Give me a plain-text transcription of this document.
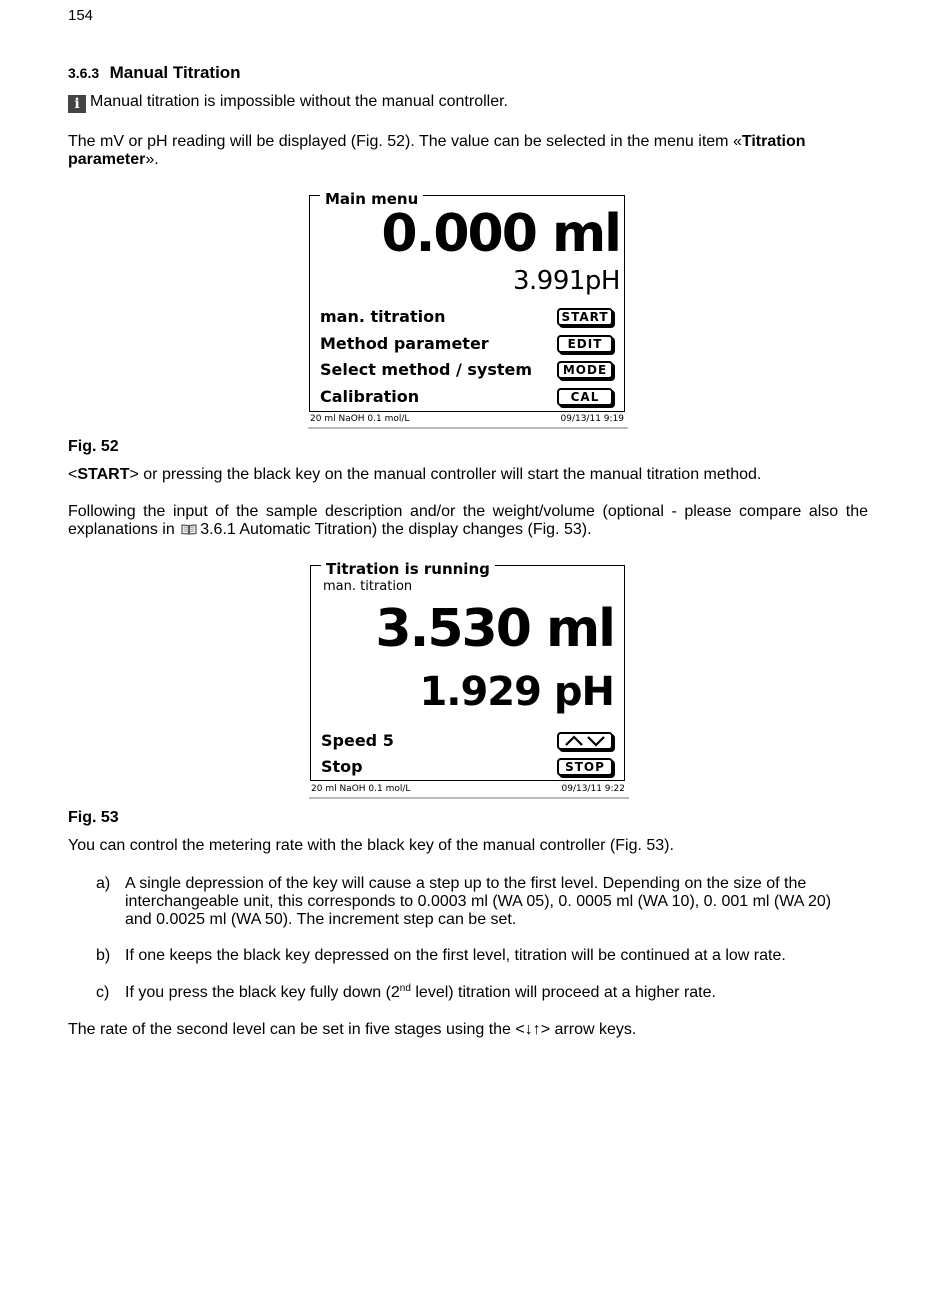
154
3.6.3 Manual Titration

i Manual titration is impossible without the manual controller.

The mV or pH reading will be displayed (Fig. 52). The value can be selected in the menu item «Titration parameter».

Main menu
0.000 ml
3.991pH
man. titration	START
Method parameter	EDIT
Select method / system	MODE
Calibration	CAL
20 ml NaOH 0.1 mol/L	09/13/11 9:19
Fig. 52

<START> or pressing the black key on the manual controller will start the manual titration method.

Following the input of the sample description and/or the weight/volume (optional - please compare also the explanations in 3.6.1 Automatic Titration) the display changes (Fig. 53).

Titration is running
man. titration
3.530 ml
1.929 pH
Speed 5
Stop	STOP
20 ml NaOH 0.1 mol/L	09/13/11 9:22
Fig. 53

You can control the metering rate with the black key of the manual controller (Fig. 53).

a) A single depression of the key will cause a step up to the first level. Depending on the size of the interchangeable unit, this corresponds to 0.0003 ml (WA 05), 0. 0005 ml (WA 10), 0. 001 ml (WA 20) and 0.0025 ml (WA 50). The increment step can be set.
b) If one keeps the black key depressed on the first level, titration will be continued at a low rate.
c) If you press the black key fully down (2nd level) titration will proceed at a higher rate.

The rate of the second level can be set in five stages using the <↓↑> arrow keys.
